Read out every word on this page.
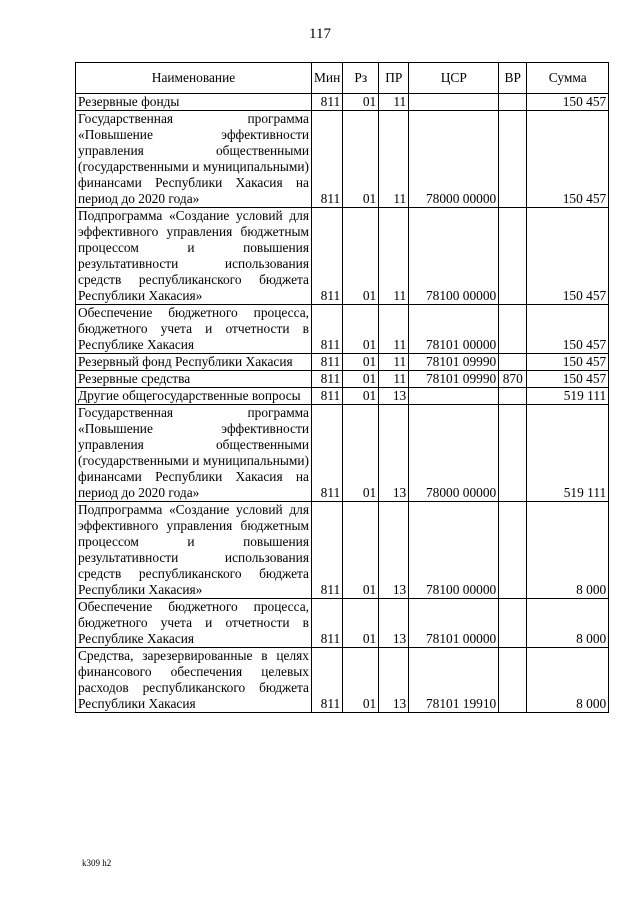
117
Наименование	Мин	Рз	ПР	ЦСР	ВР	Сумма
Резервные фонды	811	01	11			150 457
Государственная программа «Повышение эффективности управления общественными (государственными и муниципальными) финансами Республики Хакасия на период до 2020 года»	811	01	11	78000 00000		150 457
Подпрограмма «Создание условий для эффективного управления бюджетным процессом и повышения результативности использования средств республиканского бюджета Республики Хакасия»	811	01	11	78100 00000		150 457
Обеспечение бюджетного процесса, бюджетного учета и отчетности в Республике Хакасия	811	01	11	78101 00000		150 457
Резервный фонд Республики Хакасия	811	01	11	78101 09990		150 457
Резервные средства	811	01	11	78101 09990	870	150 457
Другие общегосударственные вопросы	811	01	13			519 111
Государственная программа «Повышение эффективности управления общественными (государственными и муниципальными) финансами Республики Хакасия на период до 2020 года»	811	01	13	78000 00000		519 111
Подпрограмма «Создание условий для эффективного управления бюджетным процессом и повышения результативности использования средств республиканского бюджета Республики Хакасия»	811	01	13	78100 00000		8 000
Обеспечение бюджетного процесса, бюджетного учета и отчетности в Республике Хакасия	811	01	13	78101 00000		8 000
Средства, зарезервированные в целях финансового обеспечения целевых расходов республиканского бюджета Республики Хакасия	811	01	13	78101 19910		8 000
k309 h2
